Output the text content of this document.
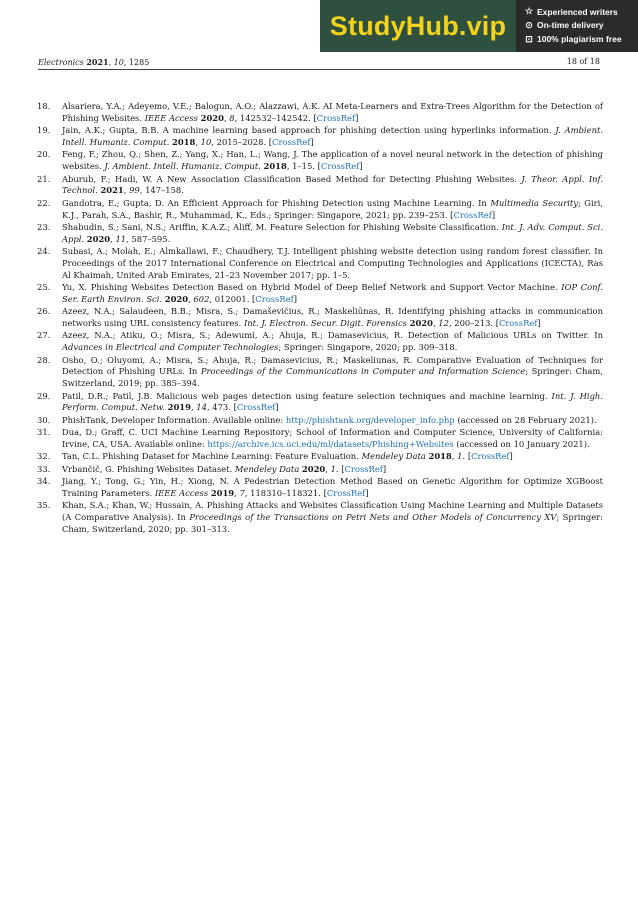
StudyHub.vip	☆ Experienced writers
⊙ On-time delivery
⊡ 100% plagiarism free
Electronics 2021, 10, 1285	18 of 18
18.	Alsariera, Y.A.; Adeyemo, V.E.; Balogun, A.O.; Alazzawi, A.K. AI Meta-Learners and Extra-Trees Algorithm for the Detection of Phishing Websites. IEEE Access 2020, 8, 142532–142542. [CrossRef]
19.	Jain, A.K.; Gupta, B.B. A machine learning based approach for phishing detection using hyperlinks information. J. Ambient. Intell. Humaniz. Comput. 2018, 10, 2015–2028. [CrossRef]
20.	Feng, F.; Zhou, Q.; Shen, Z.; Yang, X.; Han, L.; Wang, J. The application of a novel neural network in the detection of phishing websites. J. Ambient. Intell. Humaniz. Comput. 2018, 1–15. [CrossRef]
21.	Aburub, F.; Hadi, W. A New Association Classification Based Method for Detecting Phishing Websites. J. Theor. Appl. Inf. Technol. 2021, 99, 147–158.
22.	Gandotra, E.; Gupta, D. An Efficient Approach for Phishing Detection using Machine Learning. In Multimedia Security; Giri, K.J., Parah, S.A., Bashir, R., Muhammad, K., Eds.; Springer: Singapore, 2021; pp. 239–253. [CrossRef]
23.	Shabudin, S.; Sani, N.S.; Ariffin, K.A.Z.; Aliff, M. Feature Selection for Phishing Website Classification. Int. J. Adv. Comput. Sci. Appl. 2020, 11, 587–595.
24.	Subasi, A.; Molah, E.; Almkallawi, F.; Chaudhery, T.J. Intelligent phishing website detection using random forest classifier. In Proceedings of the 2017 International Conference on Electrical and Computing Technologies and Applications (ICECTA), Ras Al Khaimah, United Arab Emirates, 21–23 November 2017; pp. 1–5.
25.	Yu, X. Phishing Websites Detection Based on Hybrid Model of Deep Belief Network and Support Vector Machine. IOP Conf. Ser. Earth Environ. Sci. 2020, 602, 012001. [CrossRef]
26.	Azeez, N.A.; Salaudeen, B.B.; Misra, S.; Damaševičius, R.; Maskeliūnas, R. Identifying phishing attacks in communication networks using URL consistency features. Int. J. Electron. Secur. Digit. Forensics 2020, 12, 200–213. [CrossRef]
27.	Azeez, N.A.; Atiku, O.; Misra, S.; Adewumi, A.; Ahuja, R.; Damasevicius, R. Detection of Malicious URLs on Twitter. In Advances in Electrical and Computer Technologies; Springer: Singapore, 2020; pp. 309–318.
28.	Osho, O.; Oluyomi, A.; Misra, S.; Ahuja, R.; Damasevicius, R.; Maskeliunas, R. Comparative Evaluation of Techniques for Detection of Phishing URLs. In Proceedings of the Communications in Computer and Information Science; Springer: Cham, Switzerland, 2019; pp. 385–394.
29.	Patil, D.R.; Patil, J.B. Malicious web pages detection using feature selection techniques and machine learning. Int. J. High. Perform. Comput. Netw. 2019, 14, 473. [CrossRef]
30.	PhishTank, Developer Information. Available online: http://phishtank.org/developer_info.php (accessed on 28 February 2021).
31.	Dua, D.; Graff, C. UCI Machine Learning Repository; School of Information and Computer Science, University of California: Irvine, CA, USA. Available online: https://archive.ics.uci.edu/ml/datasets/Phishing+Websites (accessed on 10 January 2021).
32.	Tan, C.L. Phishing Dataset for Machine Learning: Feature Evaluation. Mendeley Data 2018, 1. [CrossRef]
33.	Vrbančič, G. Phishing Websites Dataset. Mendeley Data 2020, 1. [CrossRef]
34.	Jiang, Y.; Tong, G.; Yin, H.; Xiong, N. A Pedestrian Detection Method Based on Genetic Algorithm for Optimize XGBoost Training Parameters. IEEE Access 2019, 7, 118310–118321. [CrossRef]
35.	Khan, S.A.; Khan, W.; Hussain, A. Phishing Attacks and Websites Classification Using Machine Learning and Multiple Datasets (A Comparative Analysis). In Proceedings of the Transactions on Petri Nets and Other Models of Concurrency XV; Springer: Cham, Switzerland, 2020; pp. 301–313.
